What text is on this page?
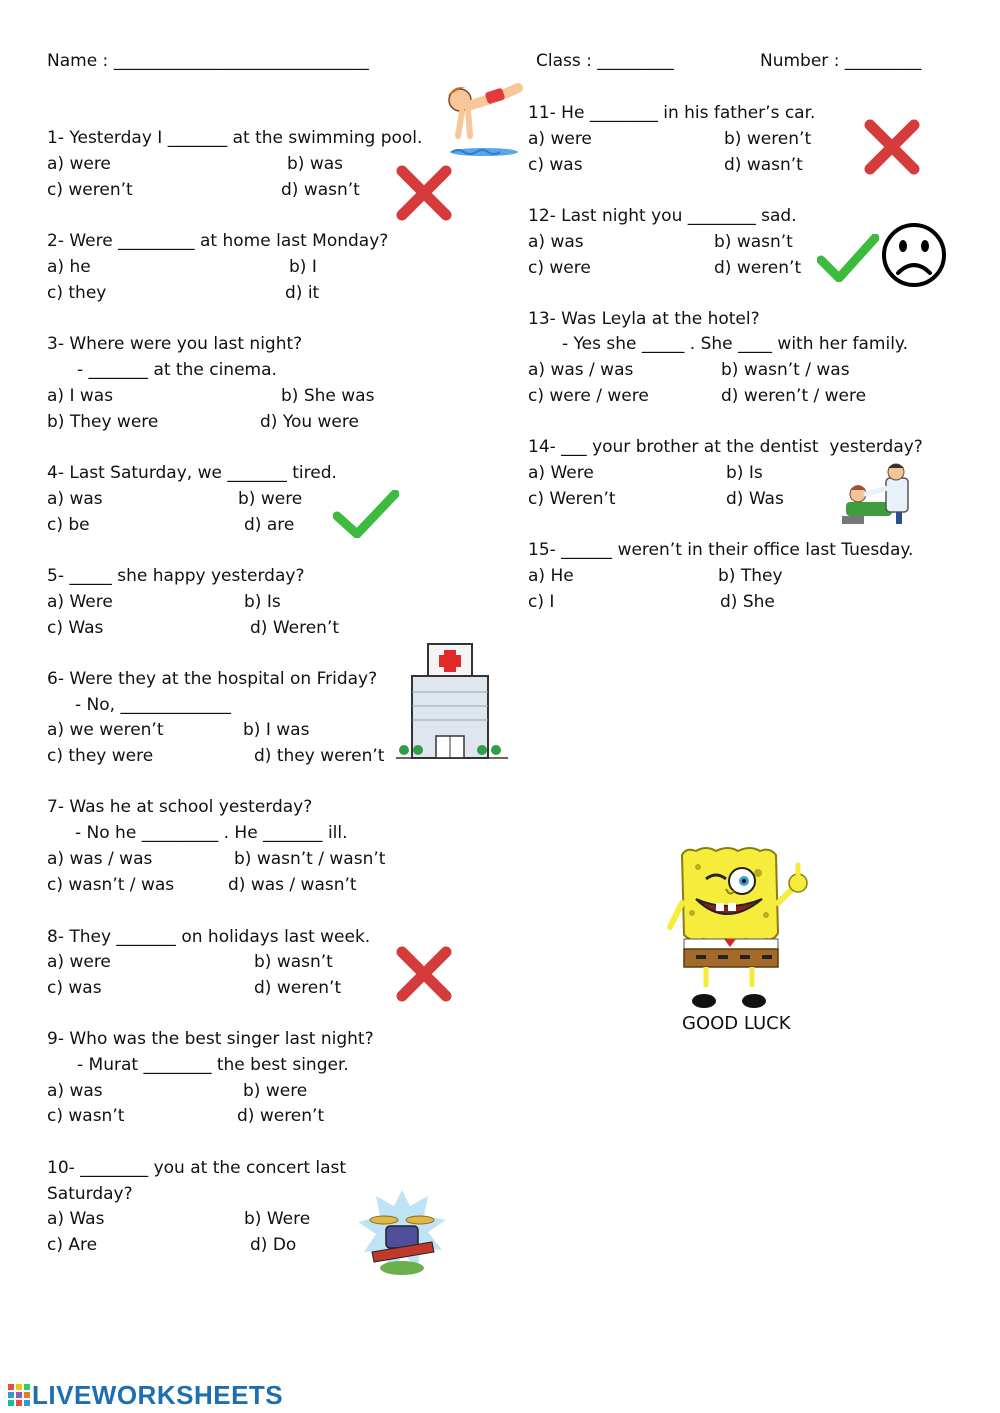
Name : ______________________________	Class : _________	Number : _________
1- Yesterday I _______ at the swimming pool.
a) were	b) was
c) weren’t	d) wasn’t
2- Were _________ at home last Monday?
a) he	b) I
c) they	d) it
3- Where were you last night?
- _______ at the cinema.
a) I was	b) She was
b) They were	d) You were
4- Last Saturday, we _______ tired.
a) was	b) were
c) be	d) are
5- _____ she happy yesterday?
a) Were	b) Is
c) Was	d) Weren’t
6- Were they at the hospital on Friday?
- No, _____________
a) we weren’t	b) I was
c) they were	d) they weren’t
7- Was he at school yesterday?
- No he _________ . He _______ ill.
a) was / was	b) wasn’t / wasn’t
c) wasn’t / was	d) was / wasn’t
8- They _______ on holidays last week.
a) were	b) wasn’t
c) was	d) weren’t
9- Who was the best singer last night?
- Murat ________ the best singer.
a) was	b) were
c) wasn’t	d) weren’t
10- ________ you at the concert last
Saturday?
a) Was	b) Were
c) Are	d) Do
11- He ________ in his father’s car.
a) were	b) weren’t
c) was	d) wasn’t
12- Last night you ________ sad.
a) was	b) wasn’t
c) were	d) weren’t
13- Was Leyla at the hotel?
- Yes she _____ . She ____ with her family.
a) was / was	b) wasn’t / was
c) were / were	d) weren’t / were
14- ___ your brother at the dentist  yesterday?
a) Were	b) Is
c) Weren’t	d) Was
15- ______ weren’t in their office last Tuesday.
a) He	b) They
c) I	d) She
GOOD LUCK
LIVEWORKSHEETS
